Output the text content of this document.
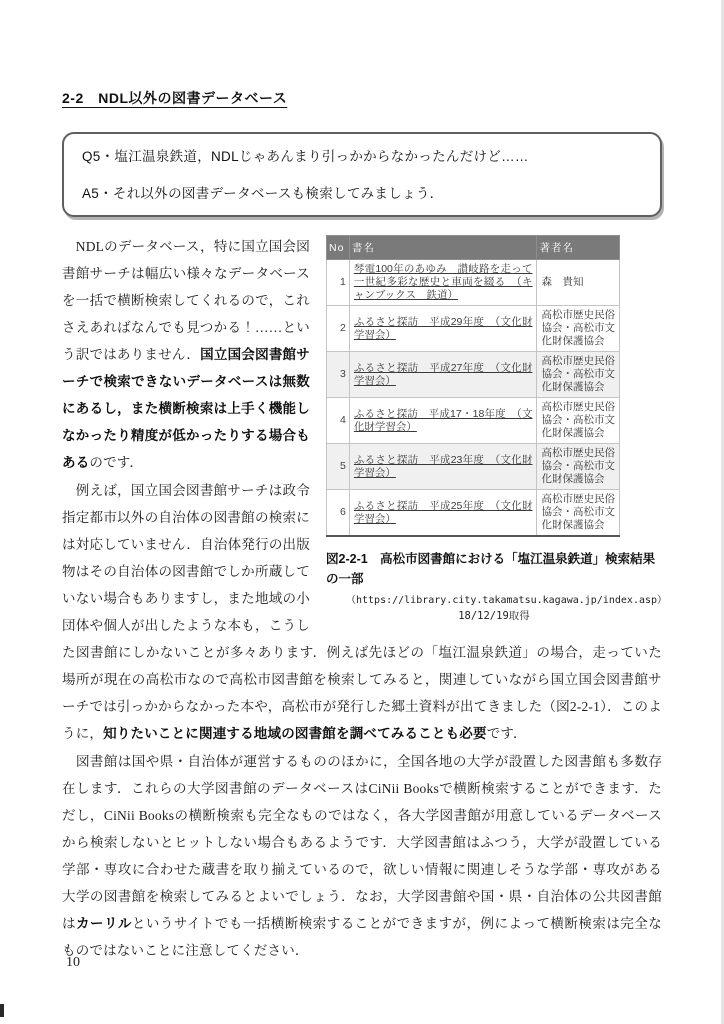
2-2　NDL以外の図書データベース
Q5・塩江温泉鉄道，NDLじゃあんまり引っかからなかったんだけど……
A5・それ以外の図書データベースも検索してみましょう．
No	書名	著者名
1	琴電100年のあゆみ　讃岐路を走って一世紀多彩な歴史と車両を綴る　（キャンブックス　鉄道）	森　貴知
2	ふるさと探訪　平成29年度　（文化財学習会）	高松市歴史民俗協会・高松市文化財保護協会
3	ふるさと探訪　平成27年度　（文化財学習会）	高松市歴史民俗協会・高松市文化財保護協会
4	ふるさと探訪　平成17・18年度　（文化財学習会）	高松市歴史民俗協会・高松市文化財保護協会
5	ふるさと探訪　平成23年度　（文化財学習会）	高松市歴史民俗協会・高松市文化財保護協会
6	ふるさと探訪　平成25年度　（文化財学習会）	高松市歴史民俗協会・高松市文化財保護協会
図2-2-1　高松市図書館における「塩江温泉鉄道」検索結果の一部
（https://library.city.takamatsu.kagawa.jp/index.asp）
18/12/19取得

　NDLのデータベース，特に国立国会図書館サーチは幅広い様々なデータベースを一括で横断検索してくれるので，これさえあればなんでも見つかる！……という訳ではありません．国立国会図書館サーチで検索できないデータベースは無数にあるし，また横断検索は上手く機能しなかったり精度が低かったりする場合もあるのです．

　例えば，国立国会図書館サーチは政令指定都市以外の自治体の図書館の検索には対応していません．自治体発行の出版物はその自治体の図書館でしか所蔵していない場合もありますし，また地域の小団体や個人が出したような本も，こうした図書館にしかないことが多々あります．例えば先ほどの「塩江温泉鉄道」の場合，走っていた場所が現在の高松市なので高松市図書館を検索してみると，関連していながら国立国会図書館サーチでは引っかからなかった本や，高松市が発行した郷土資料が出てきました（図2-2-1）．このように，知りたいことに関連する地域の図書館を調べてみることも必要です．

　図書館は国や県・自治体が運営するもののほかに，全国各地の大学が設置した図書館も多数存在します．これらの大学図書館のデータベースはCiNii Booksで横断検索することができます．ただし，CiNii Booksの横断検索も完全なものではなく，各大学図書館が用意しているデータベースから検索しないとヒットしない場合もあるようです．大学図書館はふつう，大学が設置している学部・専攻に合わせた蔵書を取り揃えているので，欲しい情報に関連しそうな学部・専攻がある大学の図書館を検索してみるとよいでしょう．なお，大学図書館や国・県・自治体の公共図書館はカーリルというサイトでも一括横断検索することができますが，例によって横断検索は完全なものではないことに注意してください．

10
